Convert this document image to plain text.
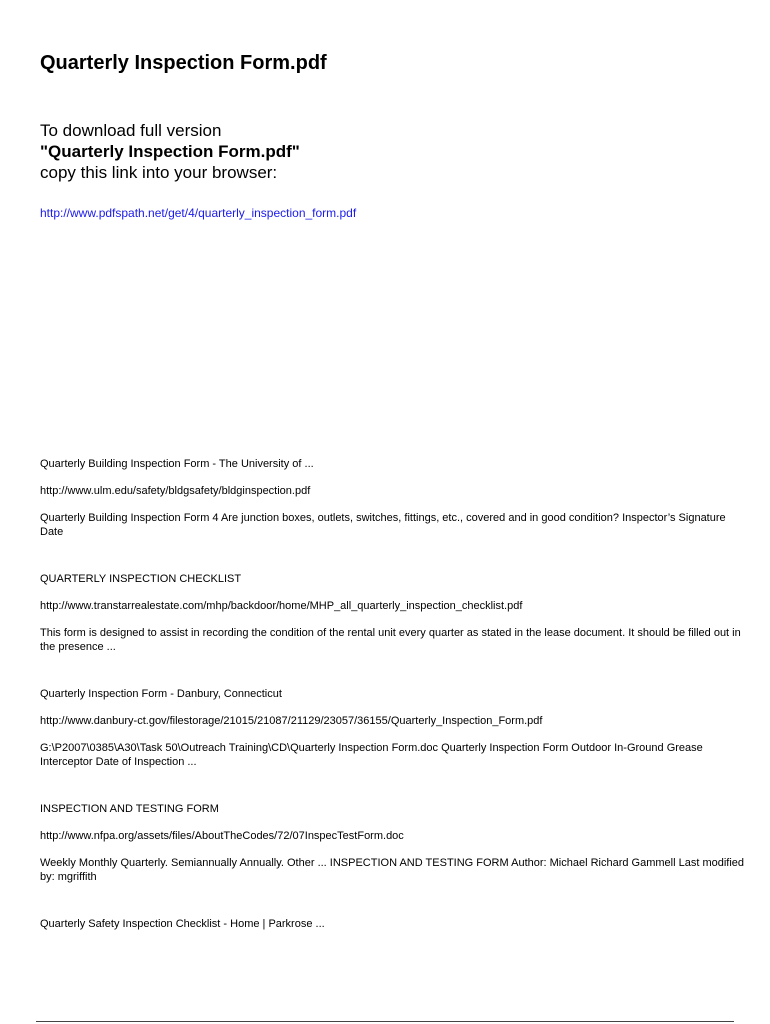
Quarterly Inspection Form.pdf
To download full version
"Quarterly Inspection Form.pdf"
copy this link into your browser:
http://www.pdfspath.net/get/4/quarterly_inspection_form.pdf

Quarterly Building Inspection Form - The University of ...

http://www.ulm.edu/safety/bldgsafety/bldginspection.pdf

Quarterly Building Inspection Form 4 Are junction boxes, outlets, switches, fittings, etc., covered and in good condition? Inspector’s Signature Date

QUARTERLY INSPECTION CHECKLIST

http://www.transtarrealestate.com/mhp/backdoor/home/MHP_all_quarterly_inspection_checklist.pdf

This form is designed to assist in recording the condition of the rental unit every quarter as stated in the lease document. It should be filled out in the presence ...

Quarterly Inspection Form - Danbury, Connecticut

http://www.danbury-ct.gov/filestorage/21015/21087/21129/23057/36155/Quarterly_Inspection_Form.pdf

G:\P2007\0385\A30\Task 50\Outreach Training\CD\Quarterly Inspection Form.doc Quarterly Inspection Form Outdoor In-Ground Grease Interceptor Date of Inspection ...

INSPECTION AND TESTING FORM

http://www.nfpa.org/assets/files/AboutTheCodes/72/07InspecTestForm.doc

Weekly Monthly Quarterly. Semiannually Annually. Other ... INSPECTION AND TESTING FORM Author: Michael Richard Gammell Last modified by: mgriffith

Quarterly Safety Inspection Checklist - Home | Parkrose ...
